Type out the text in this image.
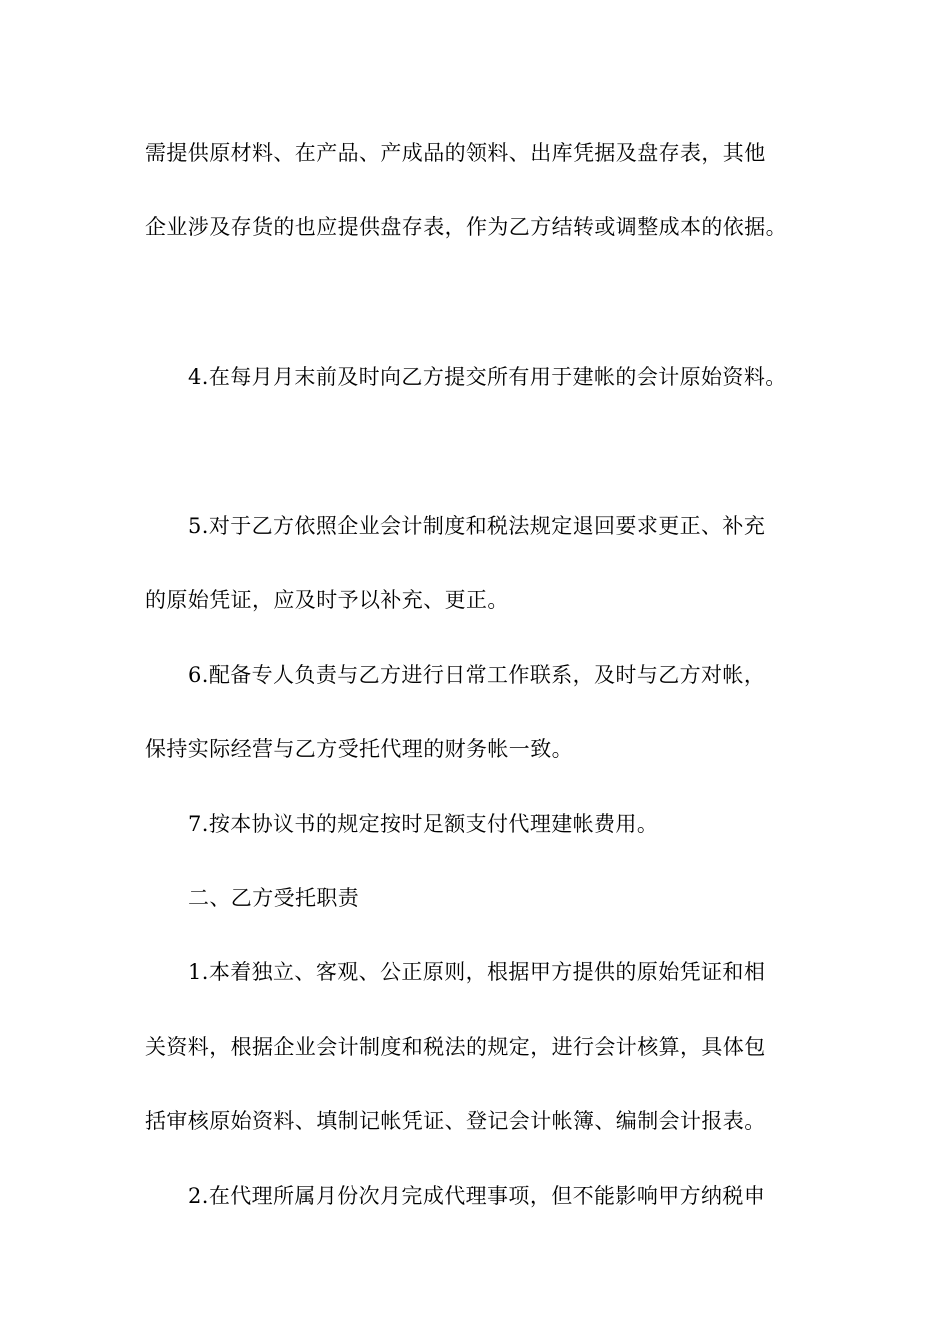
需提供原材料、在产品、产成品的领料、出库凭据及盘存表，其他
企业涉及存货的也应提供盘存表，作为乙方结转或调整成本的依据。
4.在每月月末前及时向乙方提交所有用于建帐的会计原始资料。
5.对于乙方依照企业会计制度和税法规定退回要求更正、补充
的原始凭证，应及时予以补充、更正。
6.配备专人负责与乙方进行日常工作联系，及时与乙方对帐，
保持实际经营与乙方受托代理的财务帐一致。
7.按本协议书的规定按时足额支付代理建帐费用。
二、乙方受托职责
1.本着独立、客观、公正原则，根据甲方提供的原始凭证和相
关资料，根据企业会计制度和税法的规定，进行会计核算，具体包
括审核原始资料、填制记帐凭证、登记会计帐簿、编制会计报表。
2.在代理所属月份次月完成代理事项，但不能影响甲方纳税申
